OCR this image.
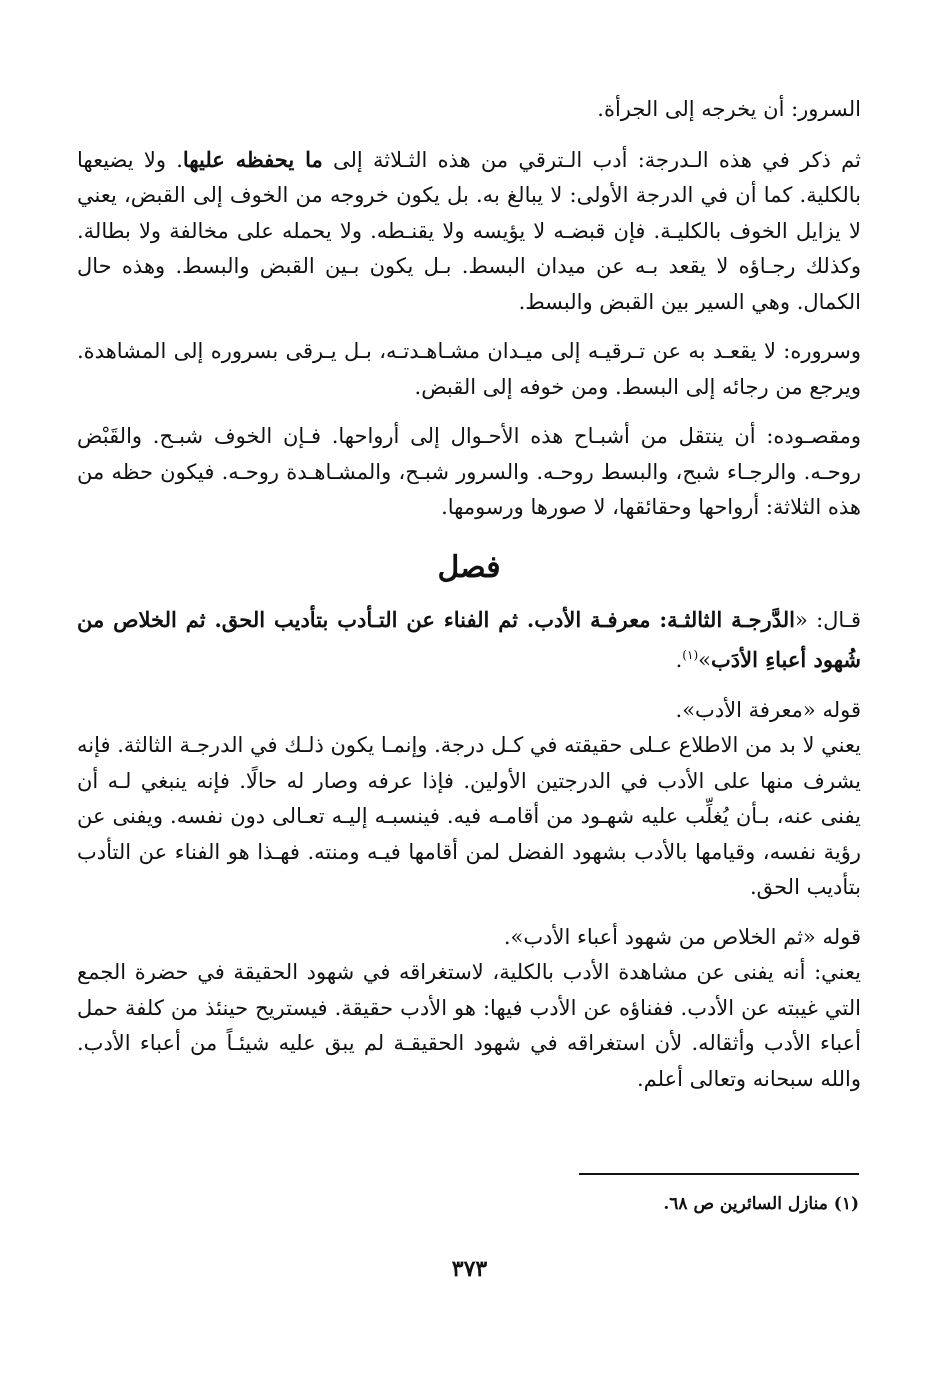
السرور: أن يخرجه إلى الجرأة.

ثم ذكر في هذه الـدرجة: أدب الـترقي من هذه الثـلاثة إلى ما يحفظه عليها. ولا يضيعها بالكلية. كما أن في الدرجة الأولى: لا يبالغ به. بل يكون خروجه من الخوف إلى القبض، يعني لا يزايل الخوف بالكليـة. فإن قبضـه لا يؤيسه ولا يقنـطه. ولا يحمله على مخالفة ولا بطالة. وكذلك رجـاؤه لا يقعد بـه عن ميدان البسط. بـل يكون بـين القبض والبسط. وهذه حال الكمال. وهي السير بين القبض والبسط.

وسروره: لا يقعـد به عن تـرقيـه إلى ميـدان مشـاهـدتـه، بـل يـرقى بسروره إلى المشاهدة. ويرجع من رجائه إلى البسط. ومن خوفه إلى القبض.

ومقصـوده: أن ينتقل من أشبـاح هذه الأحـوال إلى أرواحها. فـإن الخوف شبـح. والقَبْض روحـه. والرجـاء شبح، والبسط روحـه. والسرور شبـح، والمشـاهـدة روحـه. فيكون حظه من هذه الثلاثة: أرواحها وحقائقها، لا صورها ورسومها.

فصل

قـال: «الدَّرجـة الثالثـة: معرفـة الأدب. ثم الفناء عن التـأدب بتأديب الحق. ثم الخلاص من شُهود أعباءِ الأدَب»$^{(١)}$.

قوله «معرفة الأدب».

يعني لا بد من الاطلاع عـلى حقيقته في كـل درجة. وإنمـا يكون ذلـك في الدرجـة الثالثة. فإنه يشرف منها على الأدب في الدرجتين الأولين. فإذا عرفه وصار له حالًا. فإنه ينبغي لـه أن يفنى عنه، بـأن يُغلِّب عليه شهـود من أقامـه فيه. فينسبـه إليـه تعـالى دون نفسه. ويفنى عن رؤية نفسه، وقيامها بالأدب بشهود الفضل لمن أقامها فيـه ومنته. فهـذا هو الفناء عن التأدب بتأديب الحق.

قوله «ثم الخلاص من شهود أعباء الأدب».

يعني: أنه يفنى عن مشاهدة الأدب بالكلية، لاستغراقه في شهود الحقيقة في حضرة الجمع التي غيبته عن الأدب. ففناؤه عن الأدب فيها: هو الأدب حقيقة. فيستريح حينئذ من كلفة حمل أعباء الأدب وأثقاله. لأن استغراقه في شهود الحقيقـة لم يبق عليه شيئـاً من أعباء الأدب. والله سبحانه وتعالى أعلم.

(١) منازل السائرين ص ٦٨.
٣٧٣
